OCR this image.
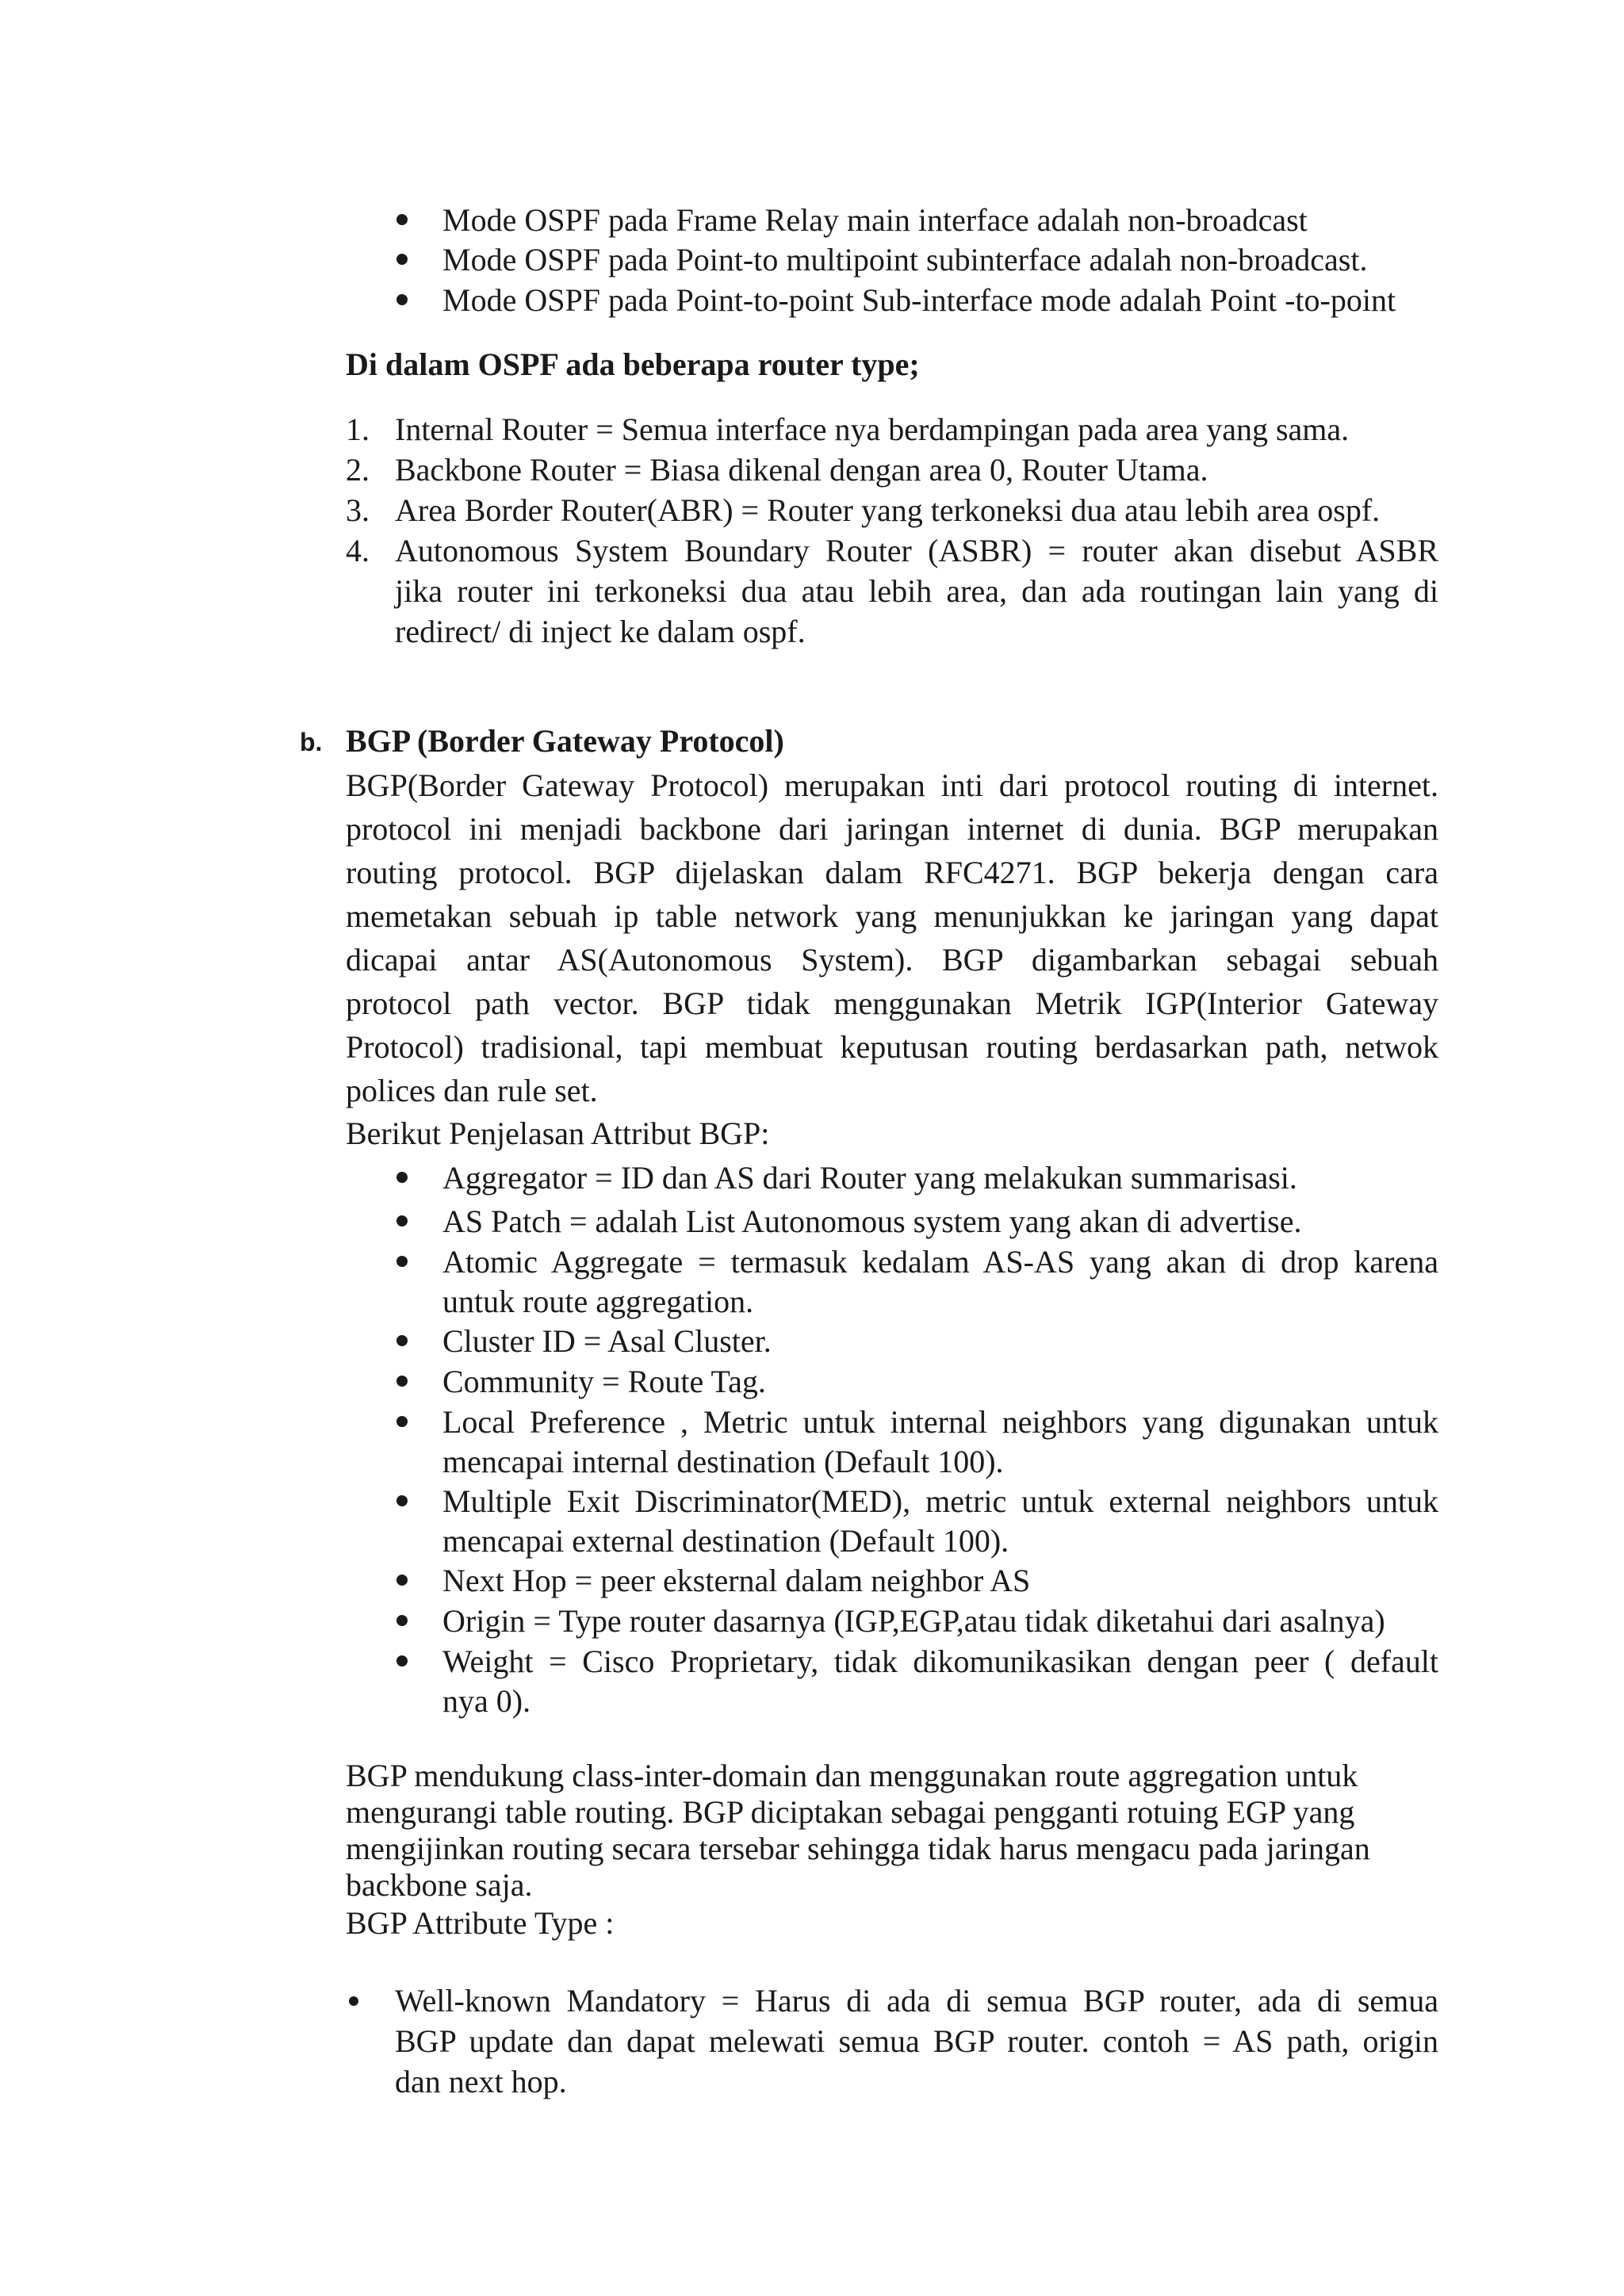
Mode OSPF pada Frame Relay main interface adalah non-broadcast
Mode OSPF pada Point-to multipoint subinterface adalah non-broadcast.
Mode OSPF pada Point-to-point Sub-interface mode adalah Point -to-point
Di dalam OSPF ada beberapa router type;
1. Internal Router = Semua interface nya berdampingan pada area yang sama.
2. Backbone Router = Biasa dikenal dengan area 0, Router Utama.
3. Area Border Router(ABR) = Router yang terkoneksi dua atau lebih area ospf.
4. Autonomous System Boundary Router (ASBR) = router akan disebut ASBR
jika router ini terkoneksi dua atau lebih area, dan ada routingan lain yang di
redirect/ di inject ke dalam ospf.
b. BGP (Border Gateway Protocol)
BGP(Border Gateway Protocol) merupakan inti dari protocol routing di internet.
protocol ini menjadi backbone dari jaringan internet di dunia. BGP merupakan
routing protocol. BGP dijelaskan dalam RFC4271. BGP bekerja dengan cara
memetakan sebuah ip table network yang menunjukkan ke jaringan yang dapat
dicapai antar AS(Autonomous System). BGP digambarkan sebagai sebuah
protocol path vector. BGP tidak menggunakan Metrik IGP(Interior Gateway
Protocol) tradisional, tapi membuat keputusan routing berdasarkan path, netwok
polices dan rule set.
Berikut Penjelasan Attribut BGP:
Aggregator = ID dan AS dari Router yang melakukan summarisasi.
AS Patch = adalah List Autonomous system yang akan di advertise.
Atomic Aggregate = termasuk kedalam AS-AS yang akan di drop karena
untuk route aggregation.
Cluster ID = Asal Cluster.
Community = Route Tag.
Local Preference , Metric untuk internal neighbors yang digunakan untuk
mencapai internal destination (Default 100).
Multiple Exit Discriminator(MED), metric untuk external neighbors untuk
mencapai external destination (Default 100).
Next Hop = peer eksternal dalam neighbor AS
Origin = Type router dasarnya (IGP,EGP,atau tidak diketahui dari asalnya)
Weight = Cisco Proprietary, tidak dikomunikasikan dengan peer ( default
nya 0).
BGP mendukung class-inter-domain dan menggunakan route aggregation untuk
mengurangi table routing. BGP diciptakan sebagai pengganti rotuing EGP yang
mengijinkan routing secara tersebar sehingga tidak harus mengacu pada jaringan
backbone saja.
BGP Attribute Type :
Well-known Mandatory = Harus di ada di semua BGP router, ada di semua
BGP update dan dapat melewati semua BGP router. contoh = AS path, origin
dan next hop.
